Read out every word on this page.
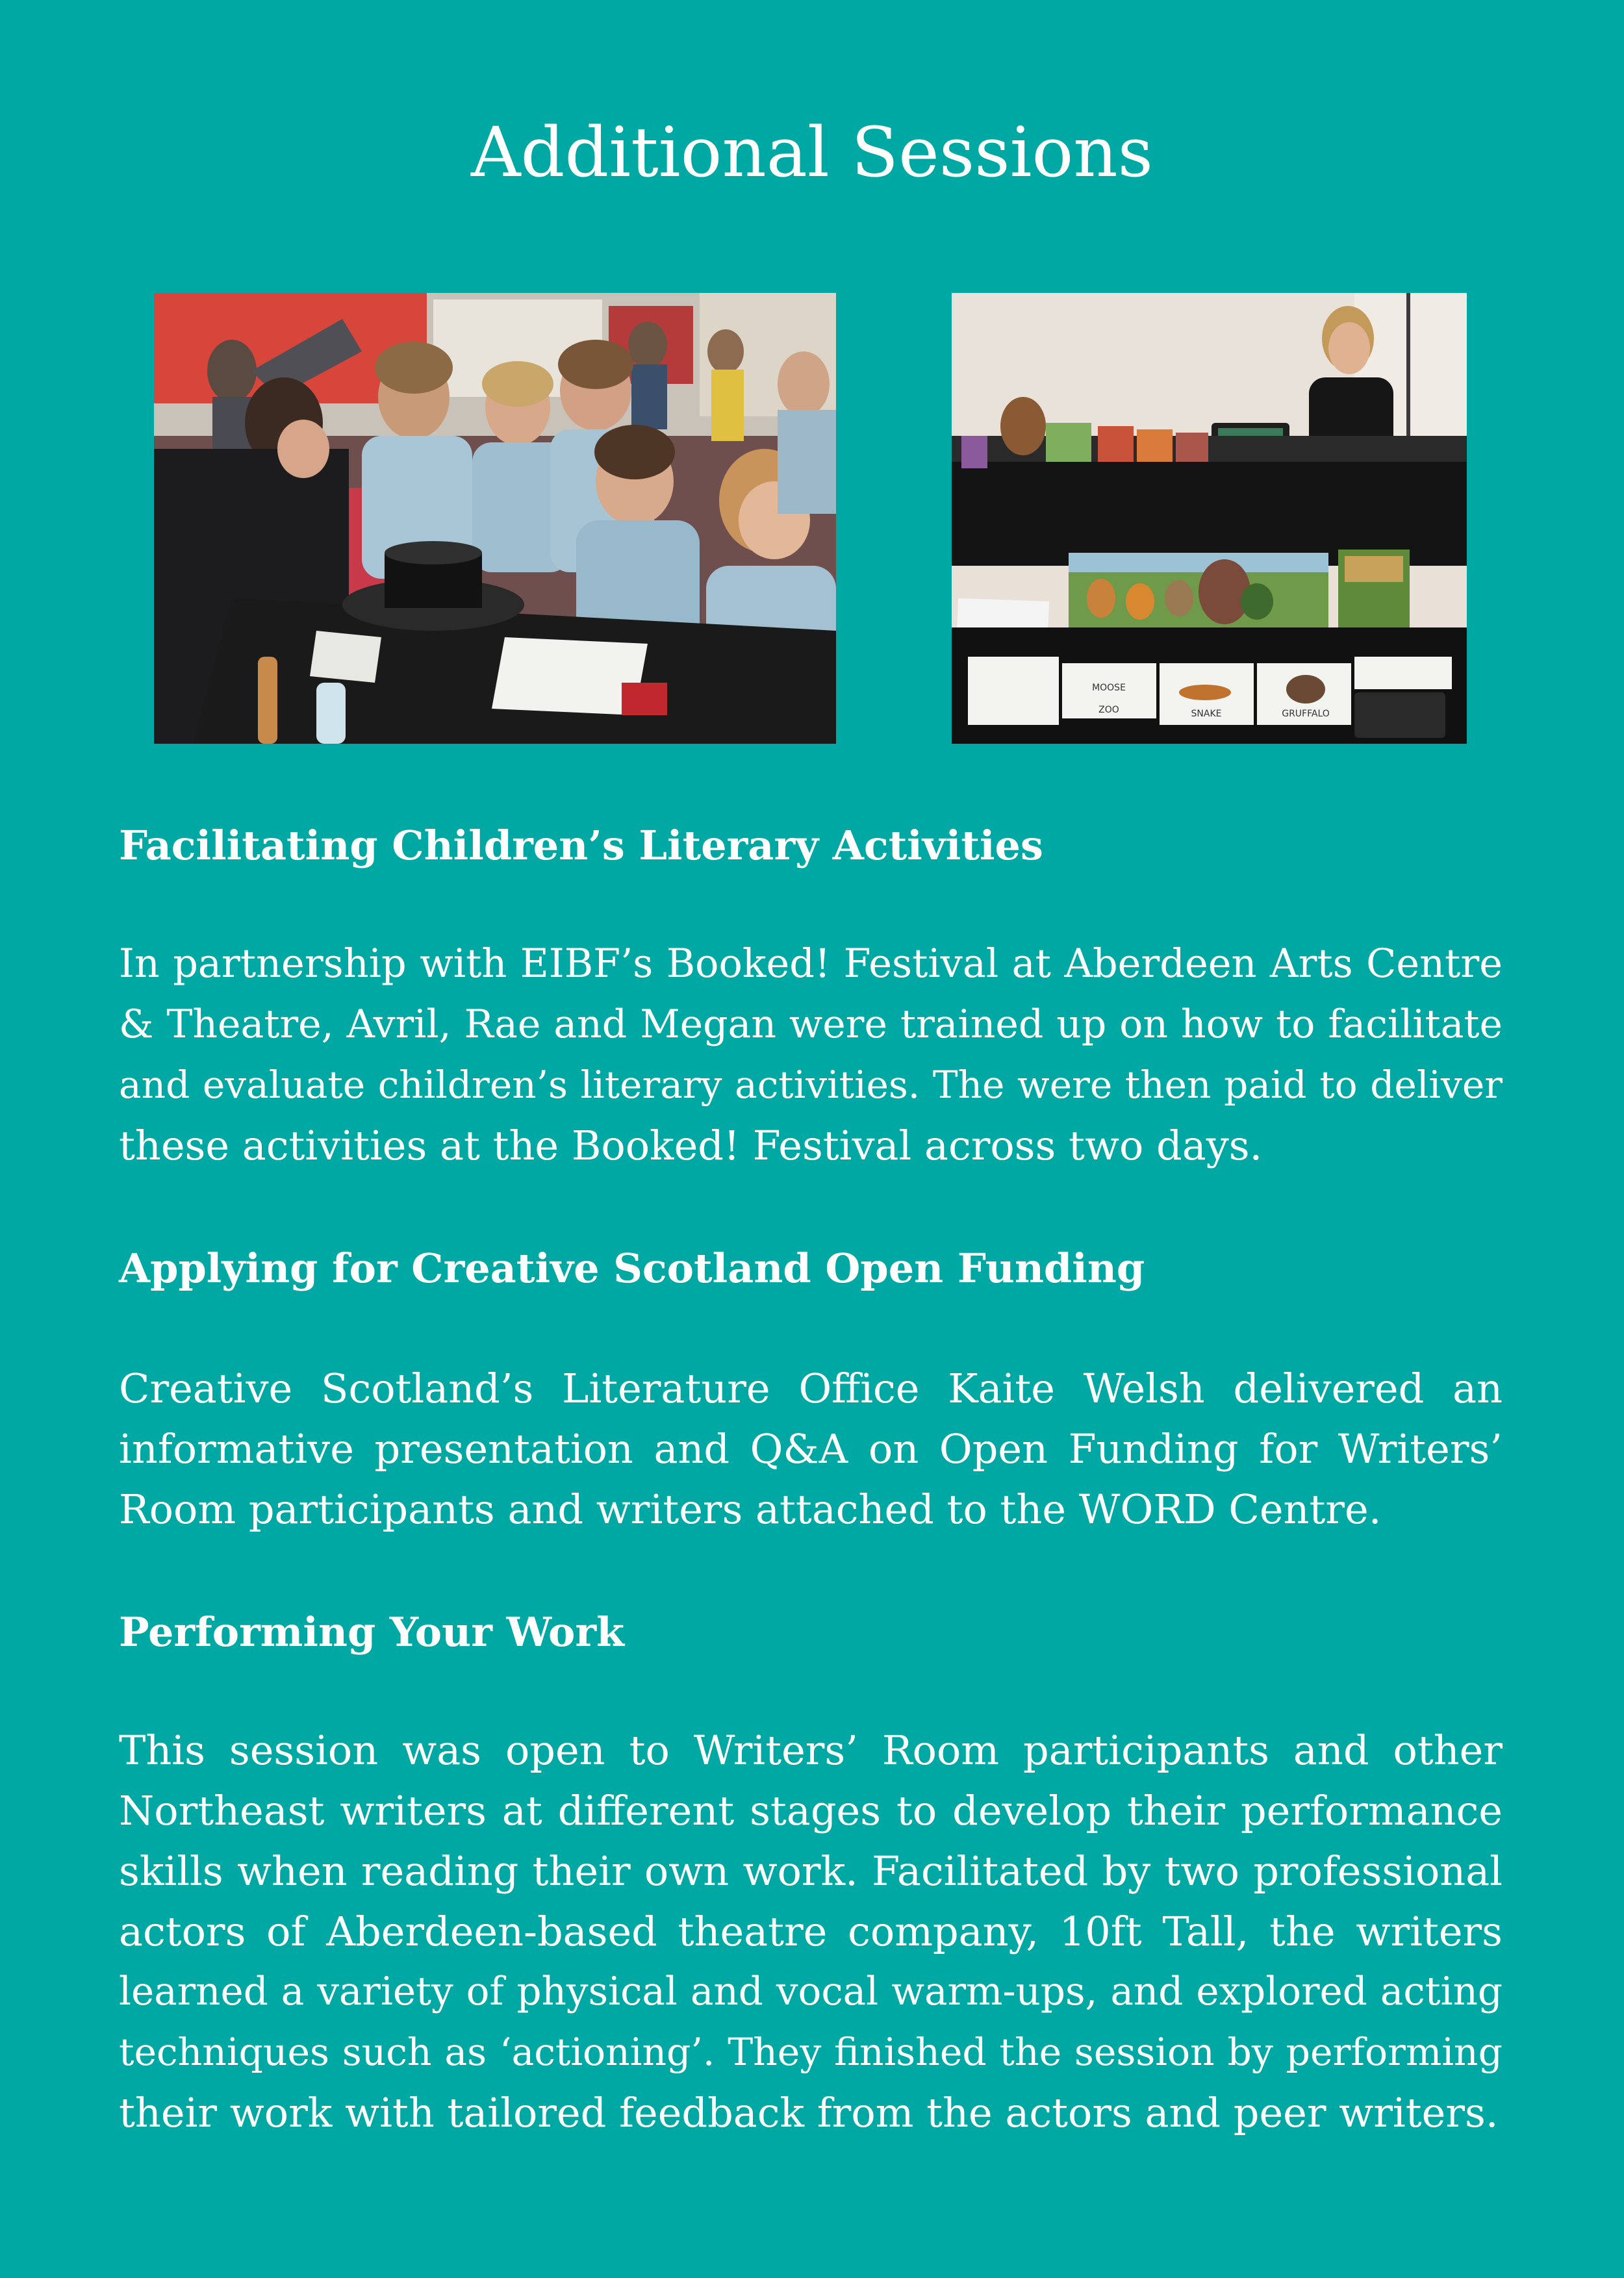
Additional Sessions
MOOSE
ZOO	SNAKE	GRUFFALO
Facilitating Children’s Literary Activities

In partnership with EIBF’s Booked! Festival at Aberdeen Arts Centre
& Theatre, Avril, Rae and Megan were trained up on how to facilitate
and evaluate children’s literary activities. The were then paid to deliver
these activities at the Booked! Festival across two days.

Applying for Creative Scotland Open Funding

Creative Scotland’s Literature Office Kaite Welsh delivered an
informative presentation and Q&A on Open Funding for Writers’
Room participants and writers attached to the WORD Centre.

Performing Your Work

This session was open to Writers’ Room participants and other
Northeast writers at different stages to develop their performance
skills when reading their own work. Facilitated by two professional
actors of Aberdeen-based theatre company, 10ft Tall, the writers
learned a variety of physical and vocal warm-ups, and explored acting
techniques such as ‘actioning’. They finished the session by performing
their work with tailored feedback from the actors and peer writers.
